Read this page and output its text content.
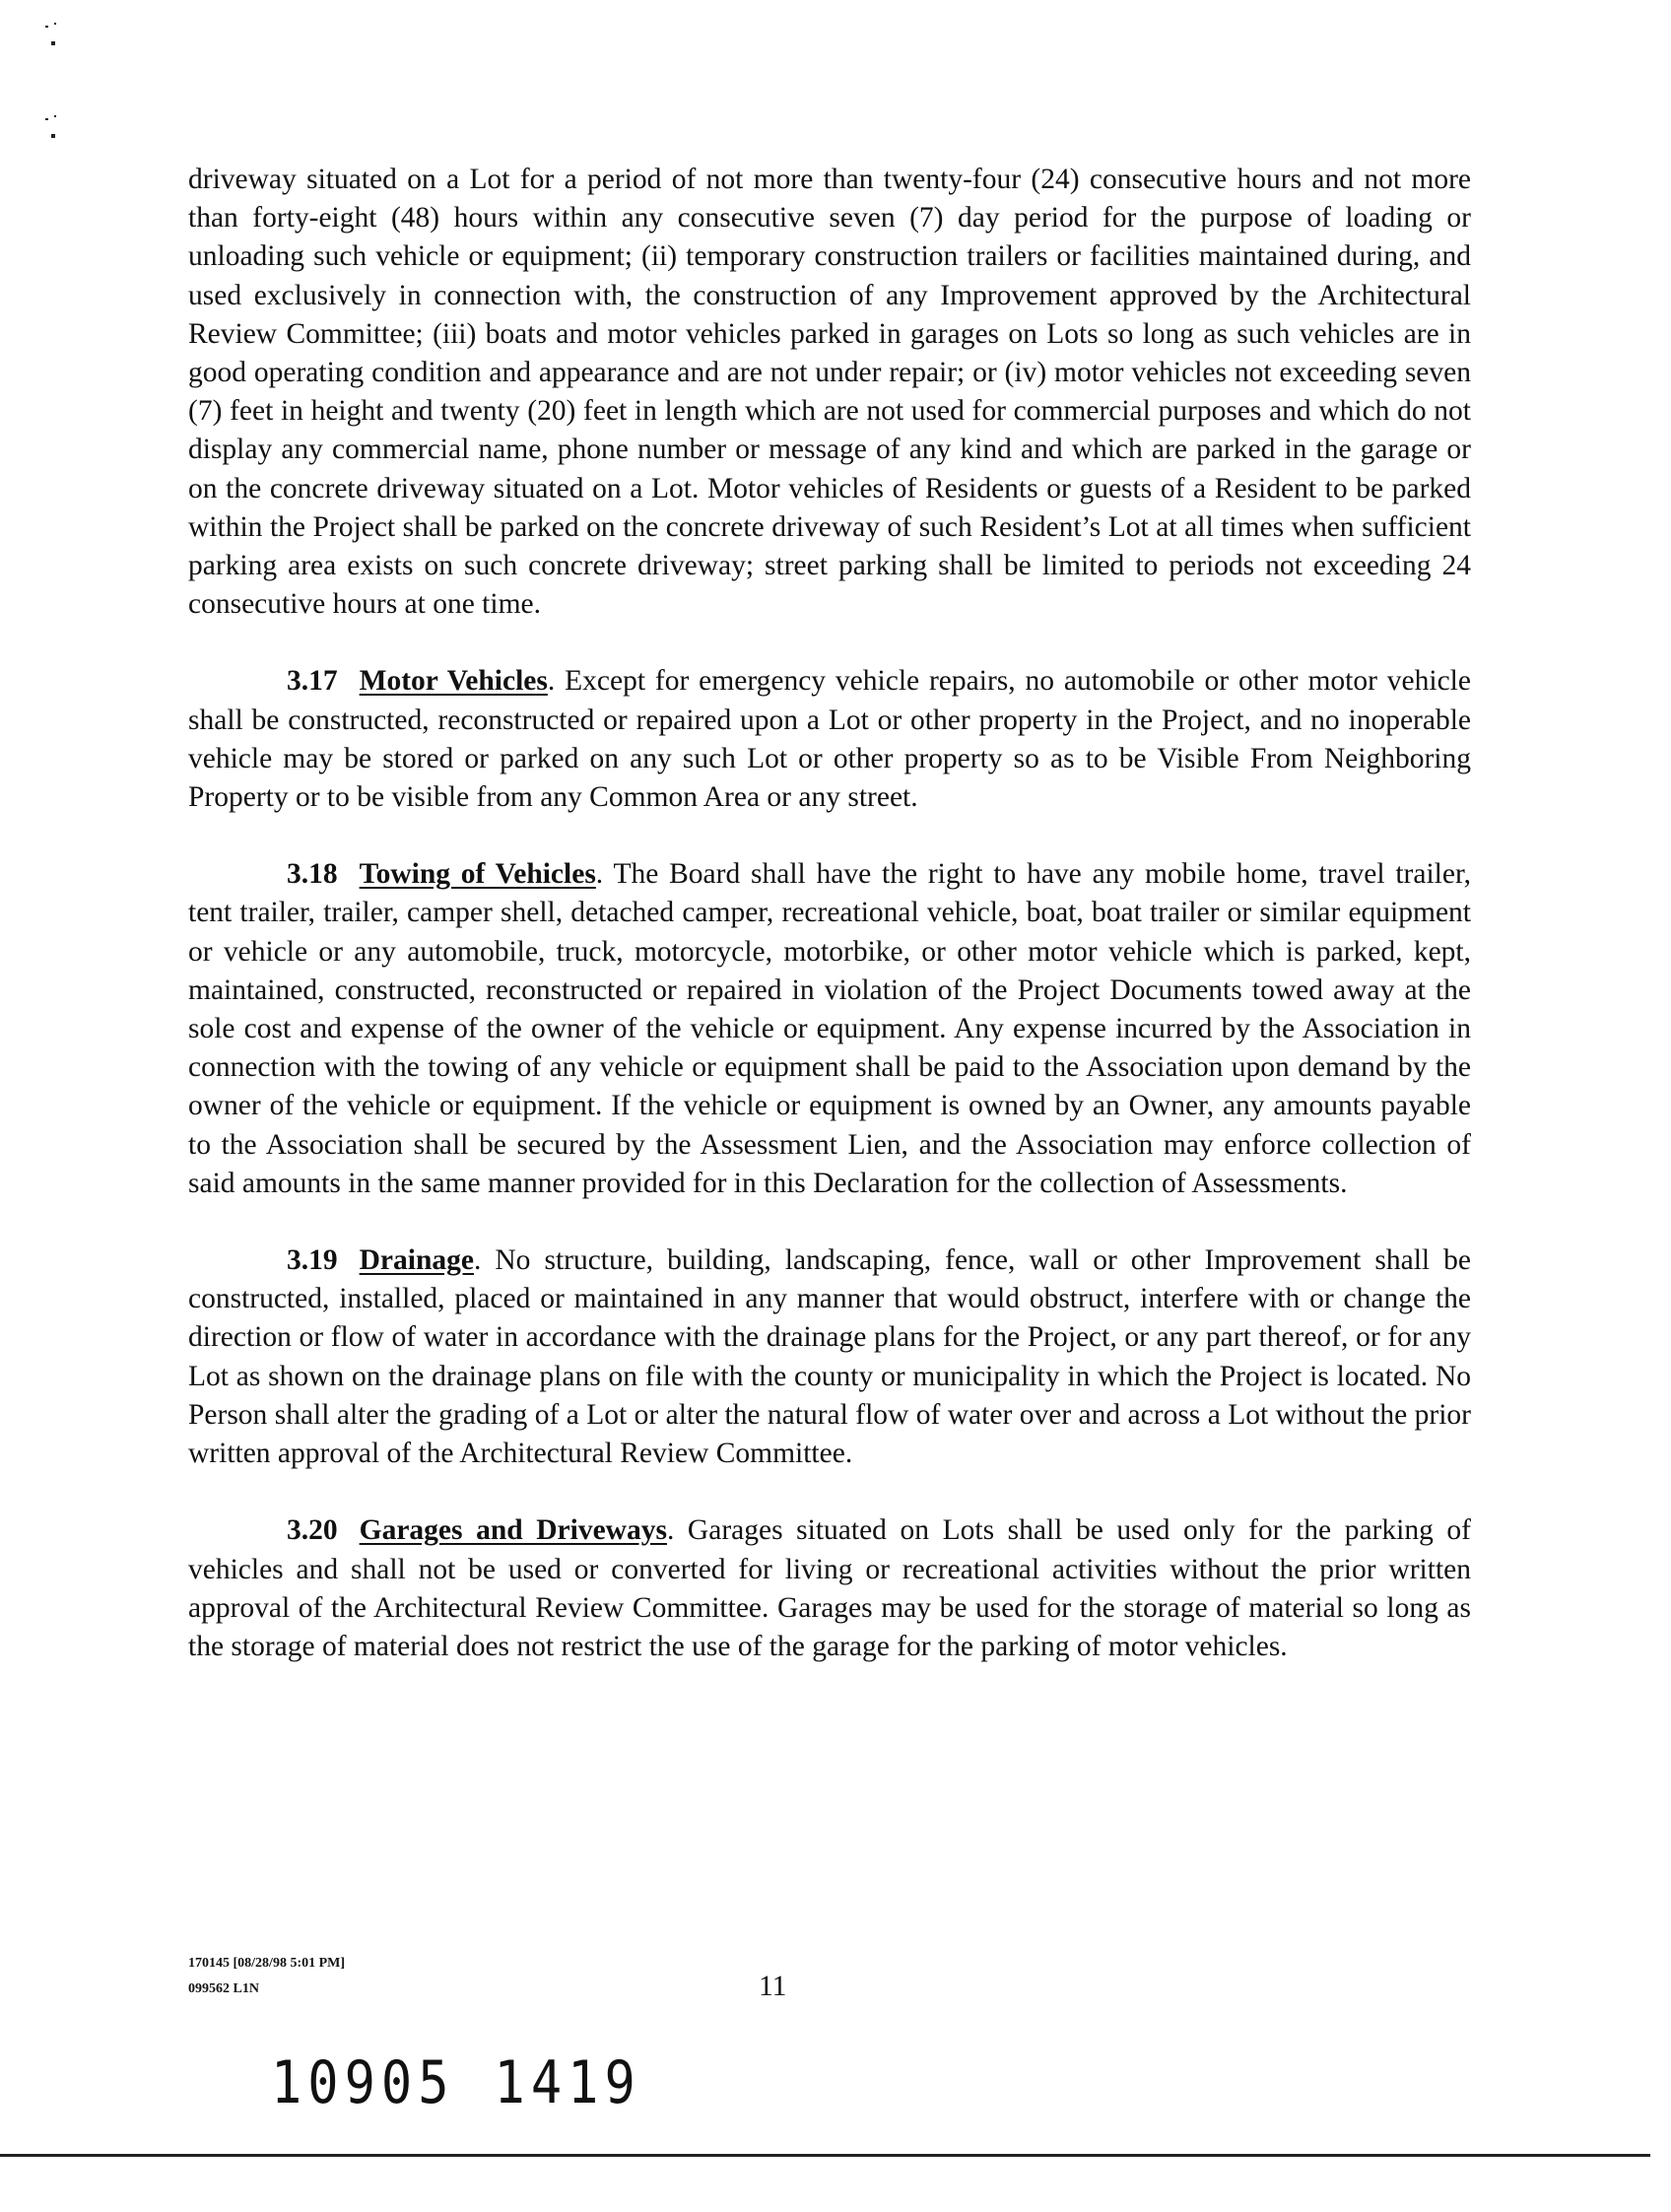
driveway situated on a Lot for a period of not more than twenty-four (24) consecutive hours and not more than forty-eight (48) hours within any consecutive seven (7) day period for the purpose of loading or unloading such vehicle or equipment; (ii) temporary construction trailers or facilities maintained during, and used exclusively in connection with, the construction of any Improvement approved by the Architectural Review Committee; (iii) boats and motor vehicles parked in garages on Lots so long as such vehicles are in good operating condition and appearance and are not under repair; or (iv) motor vehicles not exceeding seven (7) feet in height and twenty (20) feet in length which are not used for commercial purposes and which do not display any commercial name, phone number or message of any kind and which are parked in the garage or on the concrete driveway situated on a Lot. Motor vehicles of Residents or guests of a Resident to be parked within the Project shall be parked on the concrete driveway of such Resident’s Lot at all times when sufficient parking area exists on such concrete driveway; street parking shall be limited to periods not exceeding 24 consecutive hours at one time.

3.17 Motor Vehicles. Except for emergency vehicle repairs, no automobile or other motor vehicle shall be constructed, reconstructed or repaired upon a Lot or other property in the Project, and no inoperable vehicle may be stored or parked on any such Lot or other property so as to be Visible From Neighboring Property or to be visible from any Common Area or any street.

3.18 Towing of Vehicles. The Board shall have the right to have any mobile home, travel trailer, tent trailer, trailer, camper shell, detached camper, recreational vehicle, boat, boat trailer or similar equipment or vehicle or any automobile, truck, motorcycle, motorbike, or other motor vehicle which is parked, kept, maintained, constructed, reconstructed or repaired in violation of the Project Documents towed away at the sole cost and expense of the owner of the vehicle or equipment. Any expense incurred by the Association in connection with the towing of any vehicle or equipment shall be paid to the Association upon demand by the owner of the vehicle or equipment. If the vehicle or equipment is owned by an Owner, any amounts payable to the Association shall be secured by the Assessment Lien, and the Association may enforce collection of said amounts in the same manner provided for in this Declaration for the collection of Assessments.

3.19 Drainage. No structure, building, landscaping, fence, wall or other Improvement shall be constructed, installed, placed or maintained in any manner that would obstruct, interfere with or change the direction or flow of water in accordance with the drainage plans for the Project, or any part thereof, or for any Lot as shown on the drainage plans on file with the county or municipality in which the Project is located. No Person shall alter the grading of a Lot or alter the natural flow of water over and across a Lot without the prior written approval of the Architectural Review Committee.

3.20 Garages and Driveways. Garages situated on Lots shall be used only for the parking of vehicles and shall not be used or converted for living or recreational activities without the prior written approval of the Architectural Review Committee. Garages may be used for the storage of material so long as the storage of material does not restrict the use of the garage for the parking of motor vehicles.

170145 [08/28/98 5:01 PM]
099562 L1N	11
10905 1419
